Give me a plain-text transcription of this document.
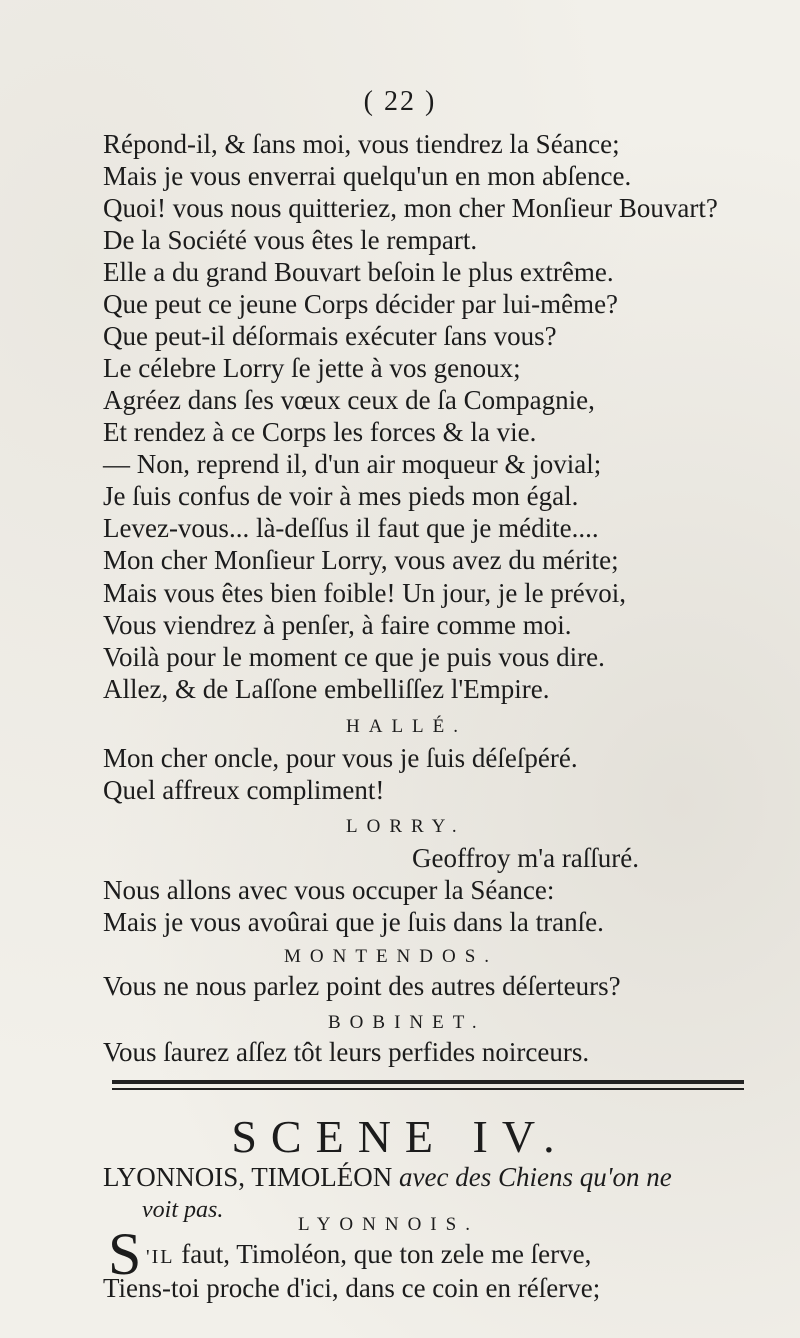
( 22 )
Répond-il, & ſans moi, vous tiendrez la Séance;
Mais je vous enverrai quelqu'un en mon abſence.
Quoi! vous nous quitteriez, mon cher Monſieur Bouvart?
De la Société vous êtes le rempart.
Elle a du grand Bouvart beſoin le plus extrême.
Que peut ce jeune Corps décider par lui-même?
Que peut-il déſormais exécuter ſans vous?
Le célebre Lorry ſe jette à vos genoux;
Agréez dans ſes vœux ceux de ſa Compagnie,
Et rendez à ce Corps les forces & la vie.
— Non, reprend il, d'un air moqueur & jovial;
Je ſuis confus de voir à mes pieds mon égal.
Levez-vous... là-deſſus il faut que je médite....
Mon cher Monſieur Lorry, vous avez du mérite;
Mais vous êtes bien foible! Un jour, je le prévoi,
Vous viendrez à penſer, à faire comme moi.
Voilà pour le moment ce que je puis vous dire.
Allez, & de Laſſone embelliſſez l'Empire.
HALLÉ.
Mon cher oncle, pour vous je ſuis déſeſpéré.
Quel affreux compliment!
LORRY.
Geoffroy m'a raſſuré.
Nous allons avec vous occuper la Séance:
Mais je vous avoûrai que je ſuis dans la tranſe.
MONTENDOS.
Vous ne nous parlez point des autres déſerteurs?
BOBINET.
Vous ſaurez aſſez tôt leurs perfides noirceurs.
SCENE IV.
LYONNOIS, TIMOLÉON avec des Chiens qu'on ne
voit pas.
LYONNOIS.
S 'IL faut, Timoléon, que ton zele me ſerve,
Tiens-toi proche d'ici, dans ce coin en réſerve;
